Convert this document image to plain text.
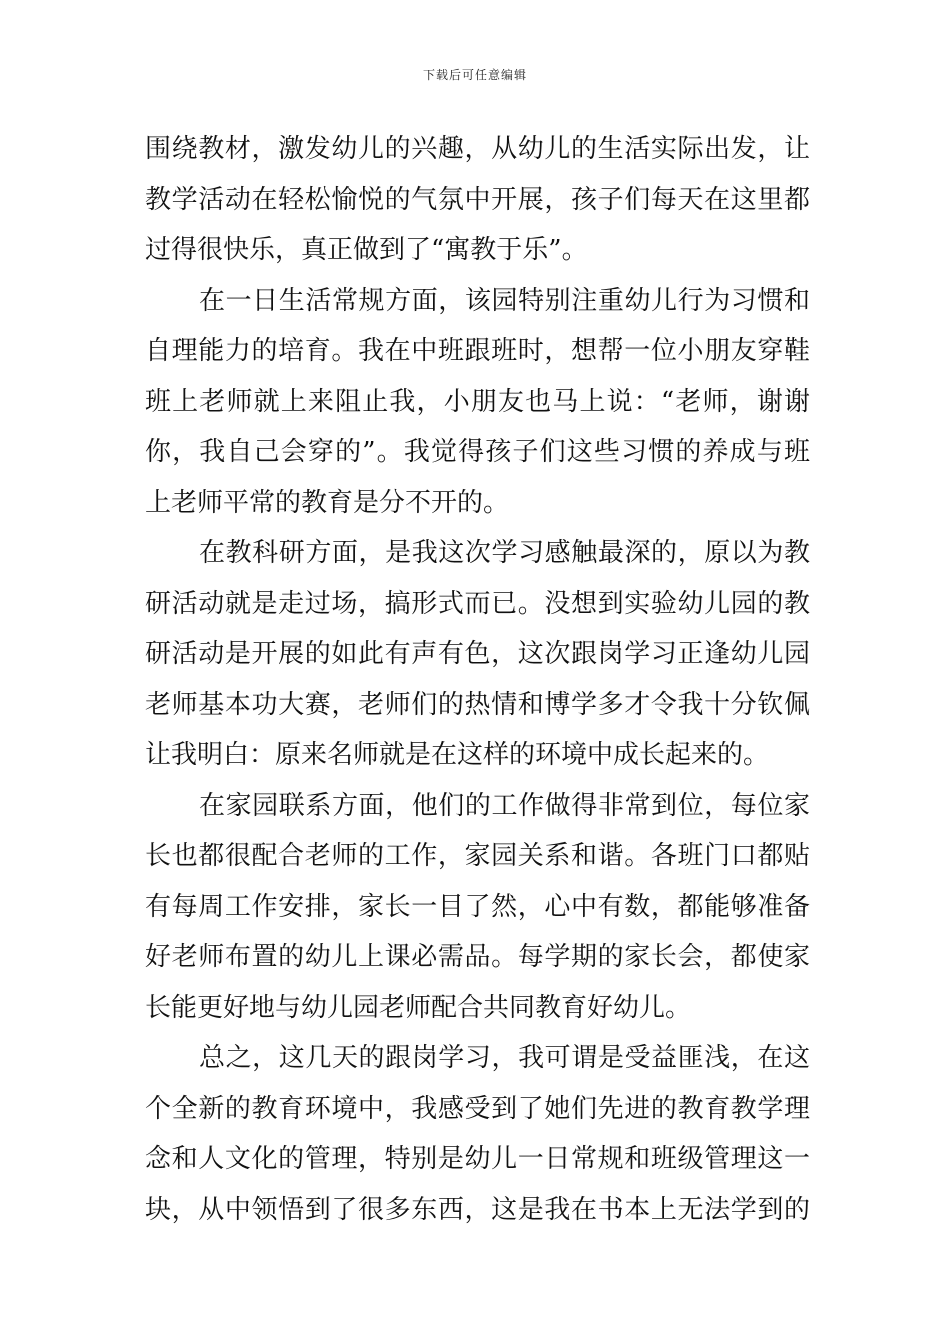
下载后可任意编辑
围绕教材，激发幼儿的兴趣，从幼儿的生活实际出发，让
教学活动在轻松愉悦的气氛中开展，孩子们每天在这里都
过得很快乐，真正做到了“寓教于乐”。
在一日生活常规方面，该园特别注重幼儿行为习惯和
自理能力的培育。我在中班跟班时，想帮一位小朋友穿鞋
班上老师就上来阻止我，小朋友也马上说：“老师，谢谢
你，我自己会穿的”。我觉得孩子们这些习惯的养成与班
上老师平常的教育是分不开的。
在教科研方面，是我这次学习感触最深的，原以为教
研活动就是走过场，搞形式而已。没想到实验幼儿园的教
研活动是开展的如此有声有色，这次跟岗学习正逢幼儿园
老师基本功大赛，老师们的热情和博学多才令我十分钦佩
让我明白：原来名师就是在这样的环境中成长起来的。
在家园联系方面，他们的工作做得非常到位，每位家
长也都很配合老师的工作，家园关系和谐。各班门口都贴
有每周工作安排，家长一目了然，心中有数，都能够准备
好老师布置的幼儿上课必需品。每学期的家长会，都使家
长能更好地与幼儿园老师配合共同教育好幼儿。
总之，这几天的跟岗学习，我可谓是受益匪浅，在这
个全新的教育环境中，我感受到了她们先进的教育教学理
念和人文化的管理，特别是幼儿一日常规和班级管理这一
块，从中领悟到了很多东西，这是我在书本上无法学到的
